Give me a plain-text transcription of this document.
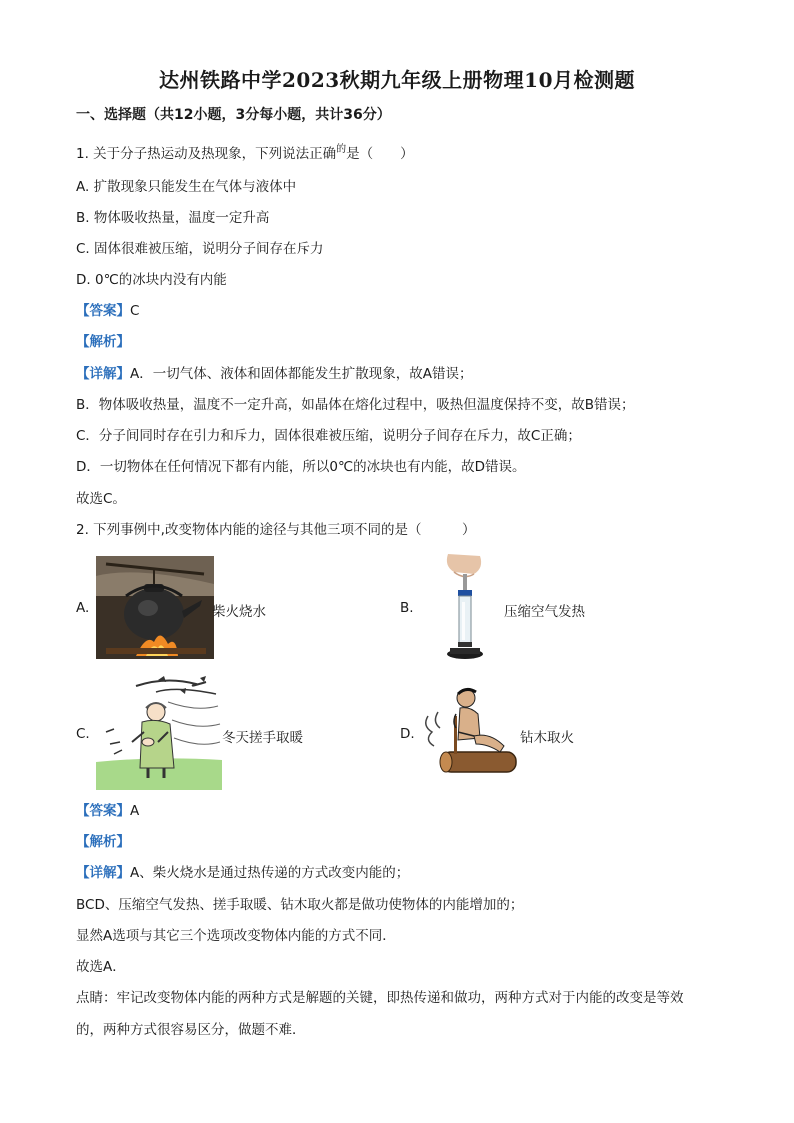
达州铁路中学2023秋期九年级上册物理10月检测题
一、选择题（共12小题，3分每小题，共计36分）
1. 关于分子热运动及热现象，下列说法正确$^的$是（　　）
A. 扩散现象只能发生在气体与液体中
B. 物体吸收热量，温度一定升高
C. 固体很难被压缩，说明分子间存在斥力
D. 0℃的冰块内没有内能
【答案】C
【解析】
【详解】A．一切气体、液体和固体都能发生扩散现象，故A错误；
B．物体吸收热量，温度不一定升高，如晶体在熔化过程中，吸热但温度保持不变，故B错误；
C．分子间同时存在引力和斥力，固体很难被压缩，说明分子间存在斥力，故C正确；
D．一切物体在任何情况下都有内能，所以0℃的冰块也有内能，故D错误。
故选C。
2. 下列事例中,改变物体内能的途径与其他三项不同的是（　　　）
A.	柴火烧水	B.	压缩空气发热
C.	冬天搓手取暖	D.	钻木取火
【答案】A
【解析】
【详解】A、柴火烧水是通过热传递的方式改变内能的；
BCD、压缩空气发热、搓手取暖、钻木取火都是做功使物体的内能增加的；
显然A选项与其它三个选项改变物体内能的方式不同．
故选A．
点睛：牢记改变物体内能的两种方式是解题的关键，即热传递和做功，两种方式对于内能的改变是等效
的，两种方式很容易区分，做题不难．
